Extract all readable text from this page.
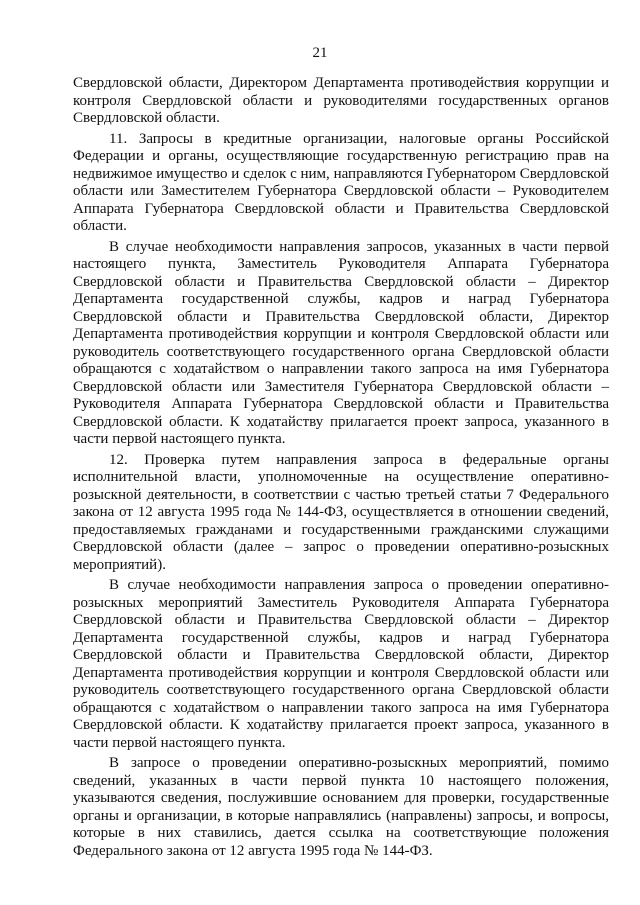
21

Свердловской области, Директором Департамента противодействия коррупции и контроля Свердловской области и руководителями государственных органов Свердловской области.

11. Запросы в кредитные организации, налоговые органы Российской Федерации и органы, осуществляющие государственную регистрацию прав на недвижимое имущество и сделок с ним, направляются Губернатором Свердловской области или Заместителем Губернатора Свердловской области – Руководителем Аппарата Губернатора Свердловской области и Правительства Свердловской области.

В случае необходимости направления запросов, указанных в части первой настоящего пункта, Заместитель Руководителя Аппарата Губернатора Свердловской области и Правительства Свердловской области – Директор Департамента государственной службы, кадров и наград Губернатора Свердловской области и Правительства Свердловской области, Директор Департамента противодействия коррупции и контроля Свердловской области или руководитель соответствующего государственного органа Свердловской области обращаются с ходатайством о направлении такого запроса на имя Губернатора Свердловской области или Заместителя Губернатора Свердловской области – Руководителя Аппарата Губернатора Свердловской области и Правительства Свердловской области. К ходатайству прилагается проект запроса, указанного в части первой настоящего пункта.

12. Проверка путем направления запроса в федеральные органы исполнительной власти, уполномоченные на осуществление оперативно-розыскной деятельности, в соответствии с частью третьей статьи 7 Федерального закона от 12 августа 1995 года № 144-ФЗ, осуществляется в отношении сведений, предоставляемых гражданами и государственными гражданскими служащими Свердловской области (далее – запрос о проведении оперативно-розыскных мероприятий).

В случае необходимости направления запроса о проведении оперативно-розыскных мероприятий Заместитель Руководителя Аппарата Губернатора Свердловской области и Правительства Свердловской области – Директор Департамента государственной службы, кадров и наград Губернатора Свердловской области и Правительства Свердловской области, Директор Департамента противодействия коррупции и контроля Свердловской области или руководитель соответствующего государственного органа Свердловской области обращаются с ходатайством о направлении такого запроса на имя Губернатора Свердловской области. К ходатайству прилагается проект запроса, указанного в части первой настоящего пункта.

В запросе о проведении оперативно-розыскных мероприятий, помимо сведений, указанных в части первой пункта 10 настоящего положения, указываются сведения, послужившие основанием для проверки, государственные органы и организации, в которые направлялись (направлены) запросы, и вопросы, которые в них ставились, дается ссылка на соответствующие положения Федерального закона от 12 августа 1995 года № 144-ФЗ.
